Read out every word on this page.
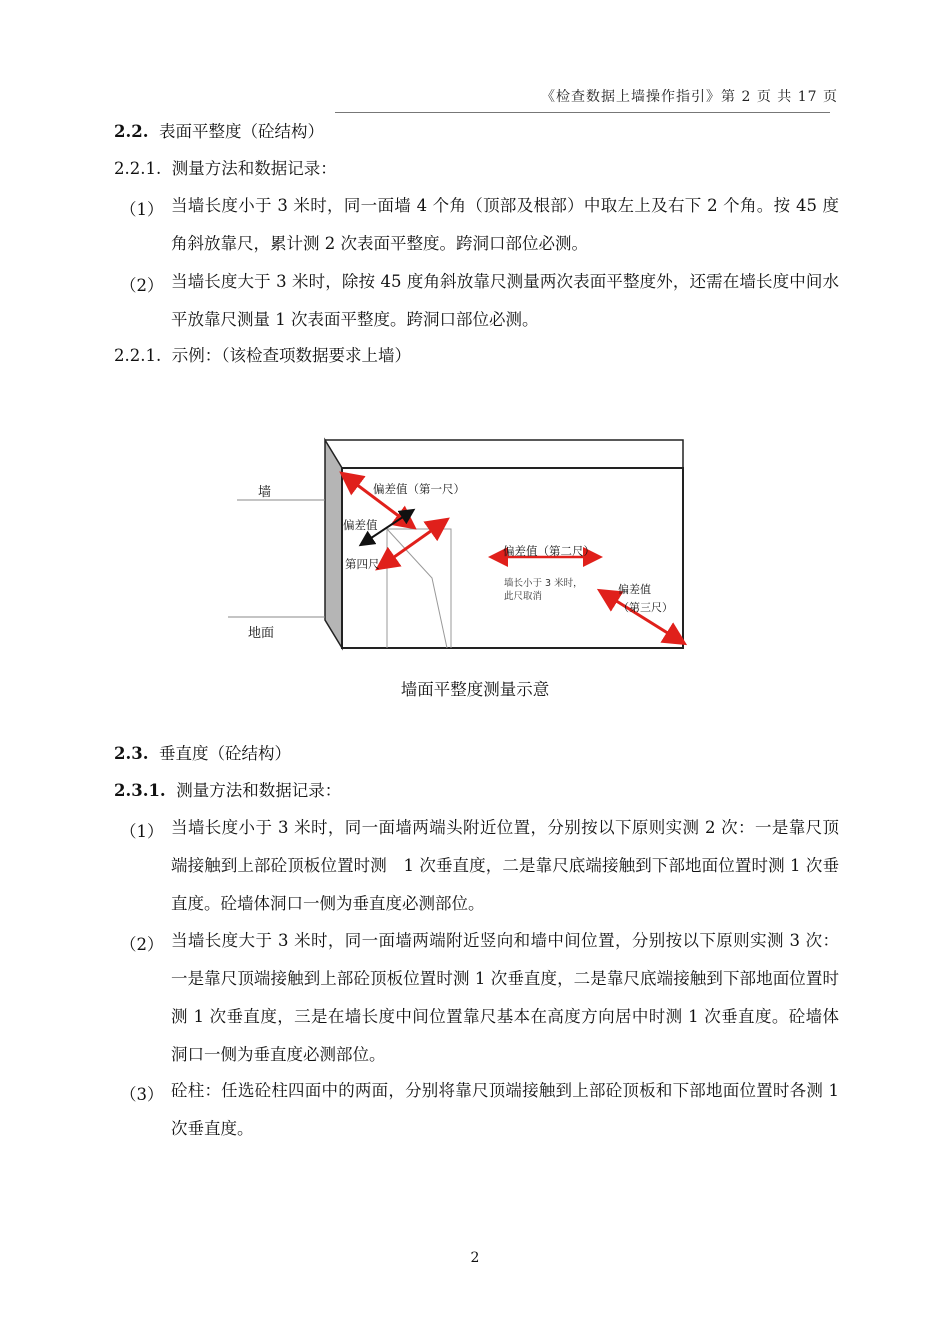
《检查数据上墙操作指引》第 2 页 共 17 页
2.2. 表面平整度（砼结构）
2.2.1. 测量方法和数据记录：
（1） 当墙长度小于 3 米时，同一面墙 4 个角（顶部及根部）中取左上及右下 2 个角。按 45 度角斜放靠尺，累计测 2 次表面平整度。跨洞口部位必测。
（2） 当墙长度大于 3 米时，除按 45 度角斜放靠尺测量两次表面平整度外，还需在墙长度中间水平放靠尺测量 1 次表面平整度。跨洞口部位必测。
2.2.1. 示例：（该检查项数据要求上墙）
墙
地面
偏差值（第一尺）
偏差值
第四尺
偏差值（第二尺）
墙长小于 3 米时，
此尺取消
偏差值
（第三尺）
墙面平整度测量示意
2.3. 垂直度（砼结构）
2.3.1. 测量方法和数据记录：
（1） 当墙长度小于 3 米时，同一面墙两端头附近位置，分别按以下原则实测 2 次：一是靠尺顶端接触到上部砼顶板位置时测　1 次垂直度，二是靠尺底端接触到下部地面位置时测 1 次垂直度。砼墙体洞口一侧为垂直度必测部位。
（2） 当墙长度大于 3 米时，同一面墙两端附近竖向和墙中间位置，分别按以下原则实测 3 次：一是靠尺顶端接触到上部砼顶板位置时测 1 次垂直度，二是靠尺底端接触到下部地面位置时测 1 次垂直度，三是在墙长度中间位置靠尺基本在高度方向居中时测 1 次垂直度。砼墙体洞口一侧为垂直度必测部位。
（3） 砼柱：任选砼柱四面中的两面，分别将靠尺顶端接触到上部砼顶板和下部地面位置时各测 1 次垂直度。
2
